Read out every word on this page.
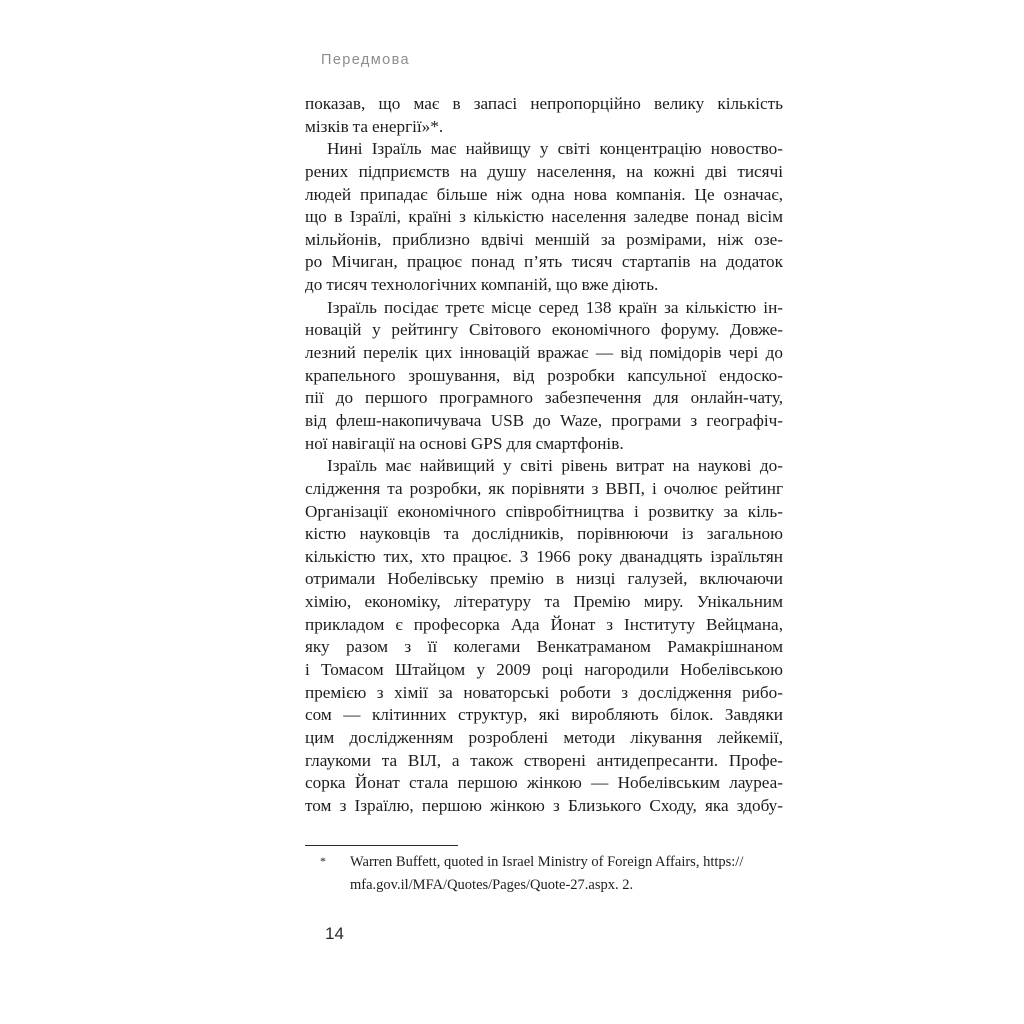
Передмова
показав, що має в запасі непропорційно велику кількість
мізків та енергії»*.
Нині Ізраїль має найвищу у світі концентрацію новоство-
рених підприємств на душу населення, на кожні дві тисячі
людей припадає більше ніж одна нова компанія. Це означає,
що в Ізраїлі, країні з кількістю населення заледве понад вісім
мільйонів, приблизно вдвічі меншій за розмірами, ніж озе-
ро Мічиган, працює понад п’ять тисяч стартапів на додаток
до тисяч технологічних компаній, що вже діють.
Ізраїль посідає третє місце серед 138 країн за кількістю ін-
новацій у рейтингу Світового економічного форуму. Довже-
лезний перелік цих інновацій вражає — від помідорів чері до
крапельного зрошування, від розробки капсульної ендоско-
пії до першого програмного забезпечення для онлайн-чату,
від флеш-накопичувача USB до Waze, програми з географіч-
ної навігації на основі GPS для смартфонів.
Ізраїль має найвищий у світі рівень витрат на наукові до-
слідження та розробки, як порівняти з ВВП, і очолює рейтинг
Організації економічного співробітництва і розвитку за кіль-
кістю науковців та дослідників, порівнюючи із загальною
кількістю тих, хто працює. З 1966 року дванадцять ізраїльтян
отримали Нобелівську премію в низці галузей, включаючи
хімію, економіку, літературу та Премію миру. Унікальним
прикладом є професорка Ада Йонат з Інституту Вейцмана,
яку разом з її колегами Венкатраманом Рамакрішнаном
і Томасом Штайцом у 2009 році нагородили Нобелівською
премією з хімії за новаторські роботи з дослідження рибо-
сом — клітинних структур, які виробляють білок. Завдяки
цим дослідженням розроблені методи лікування лейкемії,
глаукоми та ВІЛ, а також створені антидепресанти. Профе-
сорка Йонат стала першою жінкою — Нобелівським лауреа-
том з Ізраїлю, першою жінкою з Близького Сходу, яка здобу-
* Warren Buffett, quoted in Israel Ministry of Foreign Affairs, https://
mfa.gov.il/MFA/Quotes/Pages/Quote-27.aspx. 2.
14
